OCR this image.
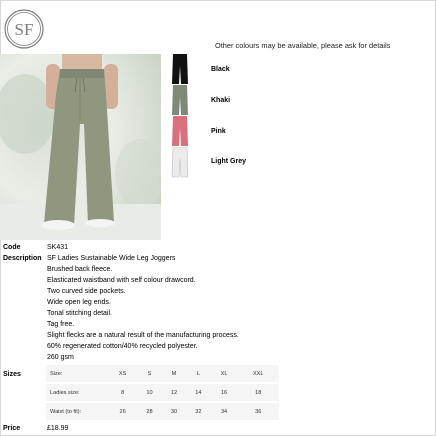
SF
Other colours may be available, please ask for details
Black
Khaki
Pink
Light Grey
Code	SK431
Description SF Ladies Sustainable Wide Leg Joggers
Brushed back fleece.
Elasticated waistband with self colour drawcord.
Two curved side pockets.
Wide open leg ends.
Tonal stitching detail.
Tag free.
Slight flecks are a natural result of the manufacturing process.
60% regenerated cotton/40% recycled polyester.
260 gsm
Sizes	Size:	XS	S	M	L	XL	XXL
Ladies size:	8	10	12	14	16	18
Waist (to fit):	26	28	30	32	34	36
Price	£18.99
